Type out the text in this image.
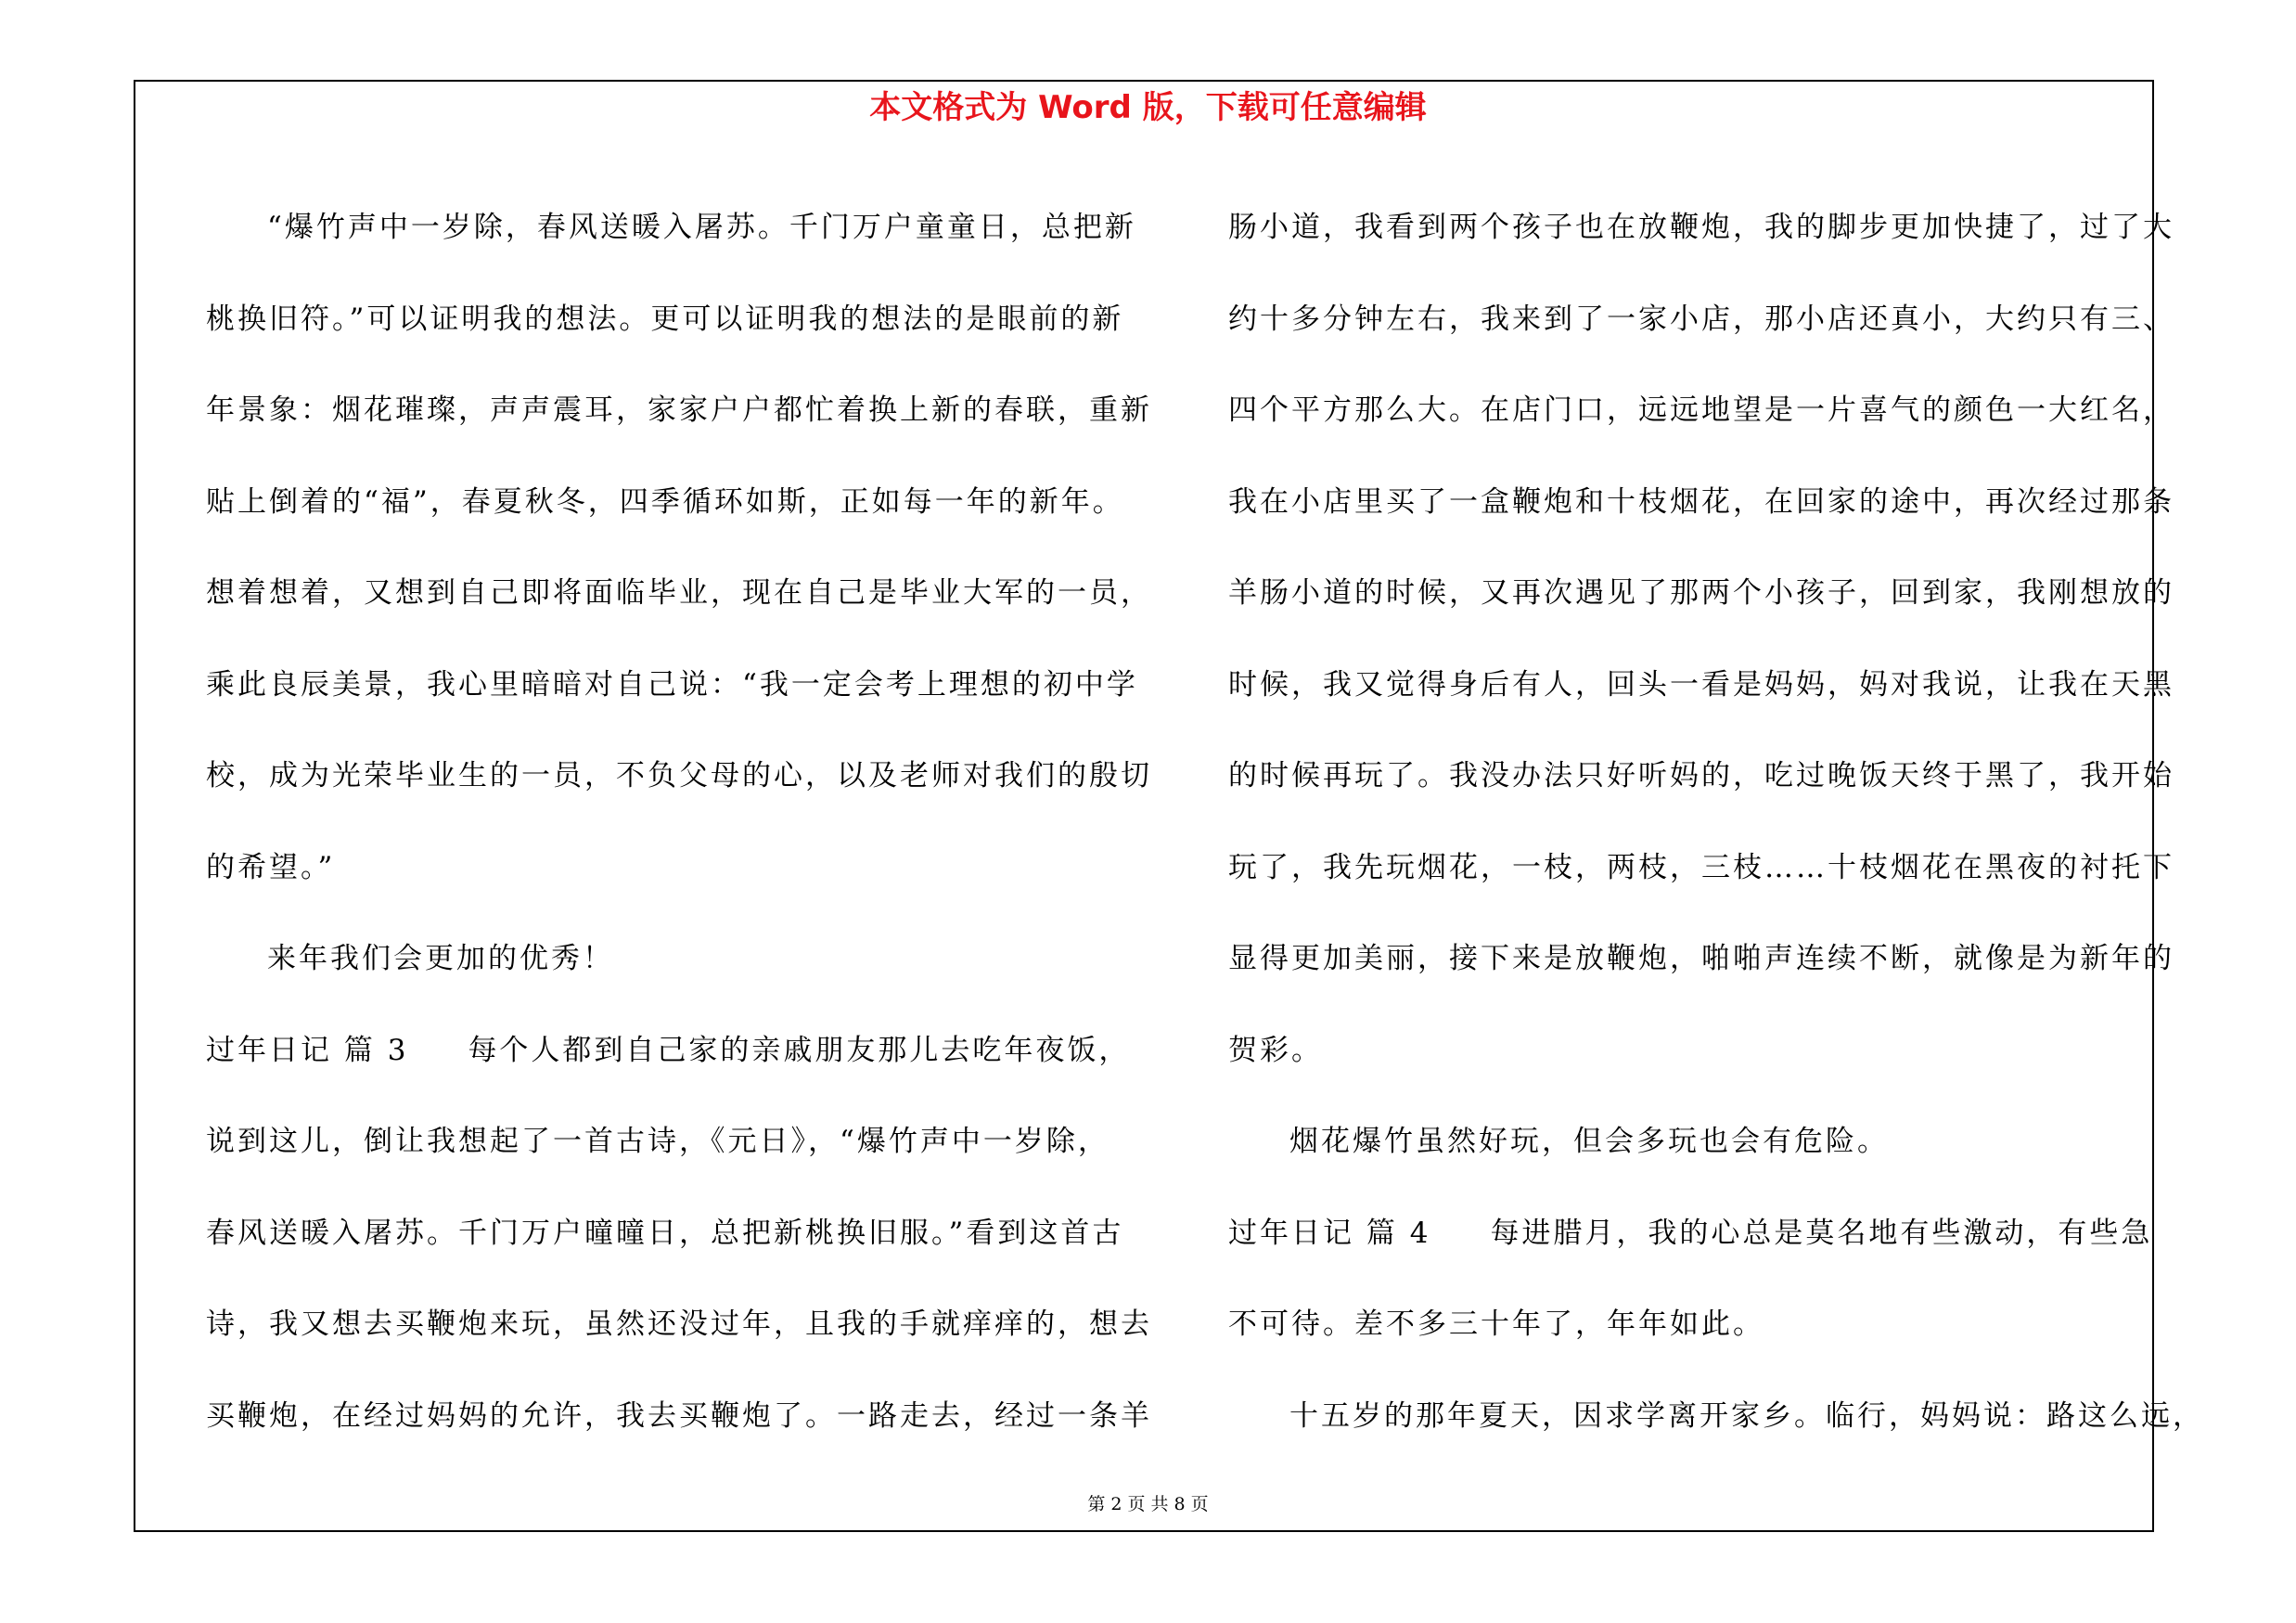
本文格式为 Word 版，下载可任意编辑
“爆竹声中一岁除，春风送暖入屠苏。千门万户童童日，总把新
桃换旧符。”可以证明我的想法。更可以证明我的想法的是眼前的新
年景象：烟花璀璨，声声震耳，家家户户都忙着换上新的春联，重新
贴上倒着的“福”，春夏秋冬，四季循环如斯，正如每一年的新年。
想着想着，又想到自己即将面临毕业，现在自己是毕业大军的一员，
乘此良辰美景，我心里暗暗对自己说：“我一定会考上理想的初中学
校，成为光荣毕业生的一员，不负父母的心，以及老师对我们的殷切
的希望。”
来年我们会更加的优秀！
过年日记 篇 3 每个人都到自己家的亲戚朋友那儿去吃年夜饭，
说到这儿，倒让我想起了一首古诗，《元日》，“爆竹声中一岁除，
春风送暖入屠苏。千门万户曈曈日，总把新桃换旧服。”看到这首古
诗，我又想去买鞭炮来玩，虽然还没过年，且我的手就痒痒的，想去
买鞭炮，在经过妈妈的允许，我去买鞭炮了。一路走去，经过一条羊
肠小道，我看到两个孩子也在放鞭炮，我的脚步更加快捷了，过了大
约十多分钟左右，我来到了一家小店，那小店还真小，大约只有三、
四个平方那么大。在店门口，远远地望是一片喜气的颜色一大红名，
我在小店里买了一盒鞭炮和十枝烟花，在回家的途中，再次经过那条
羊肠小道的时候，又再次遇见了那两个小孩子，回到家，我刚想放的
时候，我又觉得身后有人，回头一看是妈妈，妈对我说，让我在天黑
的时候再玩了。我没办法只好听妈的，吃过晚饭天终于黑了，我开始
玩了，我先玩烟花，一枝，两枝，三枝……十枝烟花在黑夜的衬托下
显得更加美丽，接下来是放鞭炮，啪啪声连续不断，就像是为新年的
贺彩。
烟花爆竹虽然好玩，但会多玩也会有危险。
过年日记 篇 4 每进腊月，我的心总是莫名地有些激动，有些急
不可待。差不多三十年了，年年如此。
十五岁的那年夏天，因求学离开家乡。临行，妈妈说：路这么远，
第 2 页 共 8 页
